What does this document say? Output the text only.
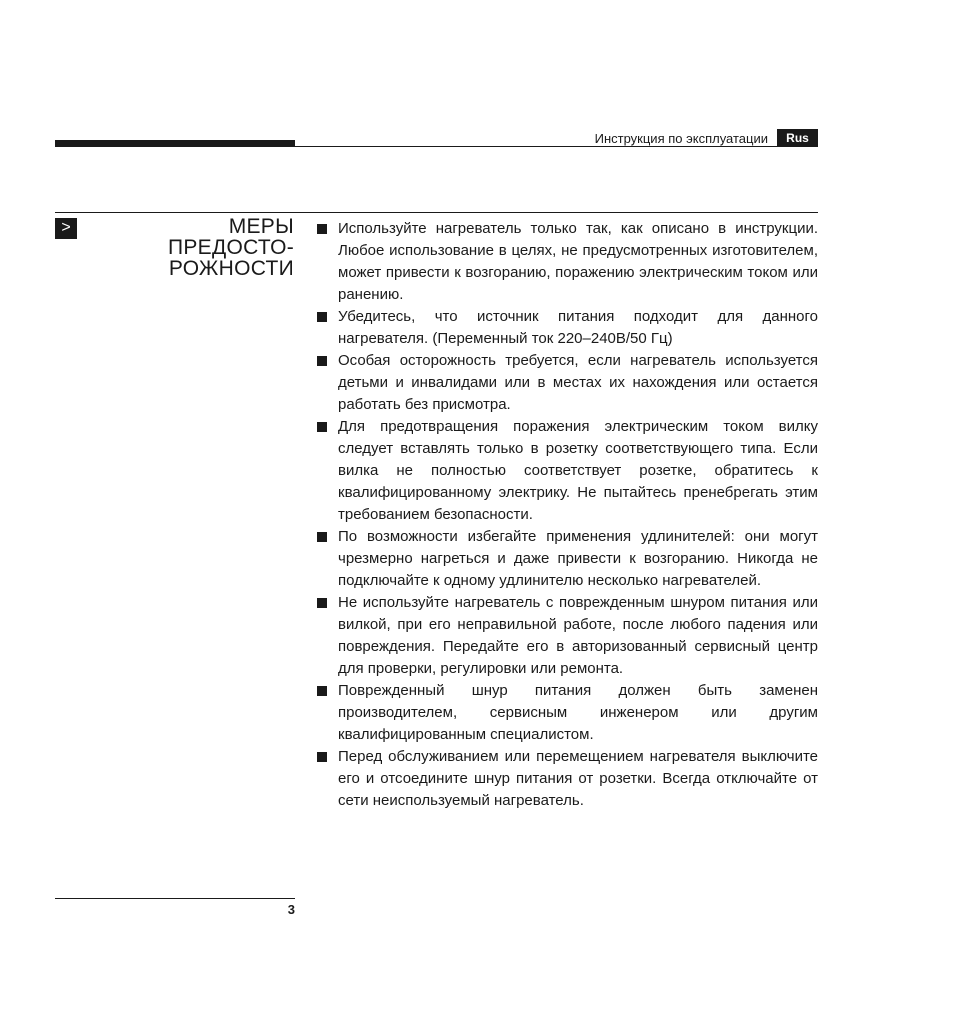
Инструкция по эксплуатации	Rus
>	МЕРЫ
ПРЕДОСТО-
РОЖНОСТИ
Используйте нагреватель только так, как описано в инструкции. Любое использование в целях, не предусмотренных изготовителем, может привести к возгоранию, поражению электрическим током или ранению.
Убедитесь, что источник питания подходит для данного нагревателя. (Переменный ток 220–240В/50 Гц)
Особая осторожность требуется, если нагреватель используется детьми и инвалидами или в местах их нахождения или остается работать без присмотра.
Для предотвращения поражения электрическим током вилку следует вставлять только в розетку соответствующего типа. Если вилка не полностью соответствует розетке, обратитесь к квалифицированному электрику. Не пытайтесь пренебрегать этим требованием безопасности.
По возможности избегайте применения удлинителей: они могут чрезмерно нагреться и даже привести к возгоранию. Никогда не подключайте к одному удлинителю несколько нагревателей.
Не используйте нагреватель с поврежденным шнуром питания или вилкой, при его неправильной работе, после любого падения или повреждения. Передайте его в авторизованный сервисный центр для проверки, регулировки или ремонта.
Поврежденный шнур питания должен быть заменен производителем, сервисным инженером или другим квалифицированным специалистом.
Перед обслуживанием или перемещением нагревателя выключите его и отсоедините шнур питания от розетки. Всегда отключайте от сети неиспользуемый нагреватель.
3
